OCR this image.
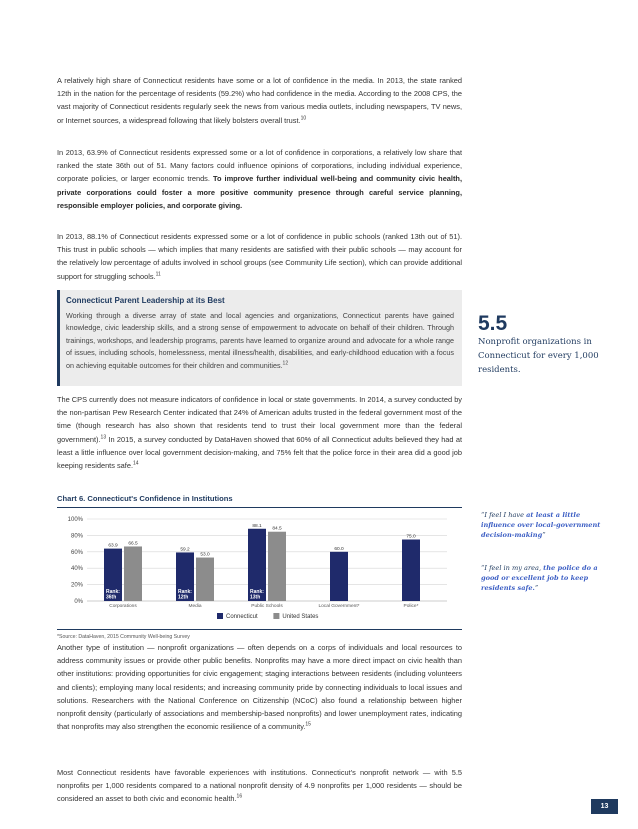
A relatively high share of Connecticut residents have some or a lot of confidence in the media. In 2013, the state ranked 12th in the nation for the percentage of residents (59.2%) who had confidence in the media. According to the 2008 CPS, the vast majority of Connecticut residents regularly seek the news from various media outlets, including newspapers, TV news, or Internet sources, a widespread following that likely bolsters overall trust.$^{10}$

In 2013, 63.9% of Connecticut residents expressed some or a lot of confidence in corporations, a relatively low share that ranked the state 36th out of 51. Many factors could influence opinions of corporations, including individual experience, corporate policies, or larger economic trends. To improve further individual well-being and community civic health, private corporations could foster a more positive community presence through careful service planning, responsible employer policies, and corporate giving.

In 2013, 88.1% of Connecticut residents expressed some or a lot of confidence in public schools (ranked 13th out of 51). This trust in public schools — which implies that many residents are satisfied with their public schools — may account for the relatively low percentage of adults involved in school groups (see Community Life section), which can provide additional support for struggling schools.$^{11}$

Connecticut Parent Leadership at its Best

Working through a diverse array of state and local agencies and organizations, Connecticut parents have gained knowledge, civic leadership skills, and a strong sense of empowerment to advocate on behalf of their children. Through trainings, workshops, and leadership programs, parents have learned to organize around and advocate for a whole range of issues, including schools, homelessness, mental illness/health, disabilities, and early-childhood education with a focus on achieving equitable outcomes for their children and communities.$^{12}$

5.5
Nonprofit organizations in Connecticut for every 1,000 residents.

The CPS currently does not measure indicators of confidence in local or state governments. In 2014, a survey conducted by the non-partisan Pew Research Center indicated that 24% of American adults trusted in the federal government most of the time (though research has also shown that residents tend to trust their local government more than the federal government).$^{13}$ In 2015, a survey conducted by DataHaven showed that 60% of all Connecticut adults believed they had at least a little influence over local government decision-making, and 75% felt that the police force in their area did a good job keeping residents safe.$^{14}$

Chart 6. Connecticut's Confidence in Institutions
0%
20%
40%
60%
80%
100%
63.9
Rank:
36th
66.5
Corporations
59.2
Rank:
12th
53.0
Media
88.1
Rank:
13th
84.5
Public Schools
60.0
Local Government*
75.0
Police*
Connecticut	United States
*Source: DataHaven, 2015 Community Well-being Survey
“I feel I have at least a little influence over local-government decision-making”
“I feel in my area, the police do a good or excellent job to keep residents safe.”

Another type of institution — nonprofit organizations — often depends on a corps of individuals and local resources to address community issues or provide other public benefits. Nonprofits may have a more direct impact on civic health than other institutions: providing opportunities for civic engagement; staging interactions between residents (including volunteers and clients); employing many local residents; and increasing community pride by connecting individuals to local issues and solutions. Researchers with the National Conference on Citizenship (NCoC) also found a relationship between higher nonprofit density (particularly of associations and membership-based nonprofits) and lower unemployment rates, indicating that nonprofits may also strengthen the economic resilience of a community.$^{15}$

Most Connecticut residents have favorable experiences with institutions. Connecticut's nonprofit network — with 5.5 nonprofits per 1,000 residents compared to a national nonprofit density of 4.9 nonprofits per 1,000 residents — should be considered an asset to both civic and economic health.$^{16}$

13
